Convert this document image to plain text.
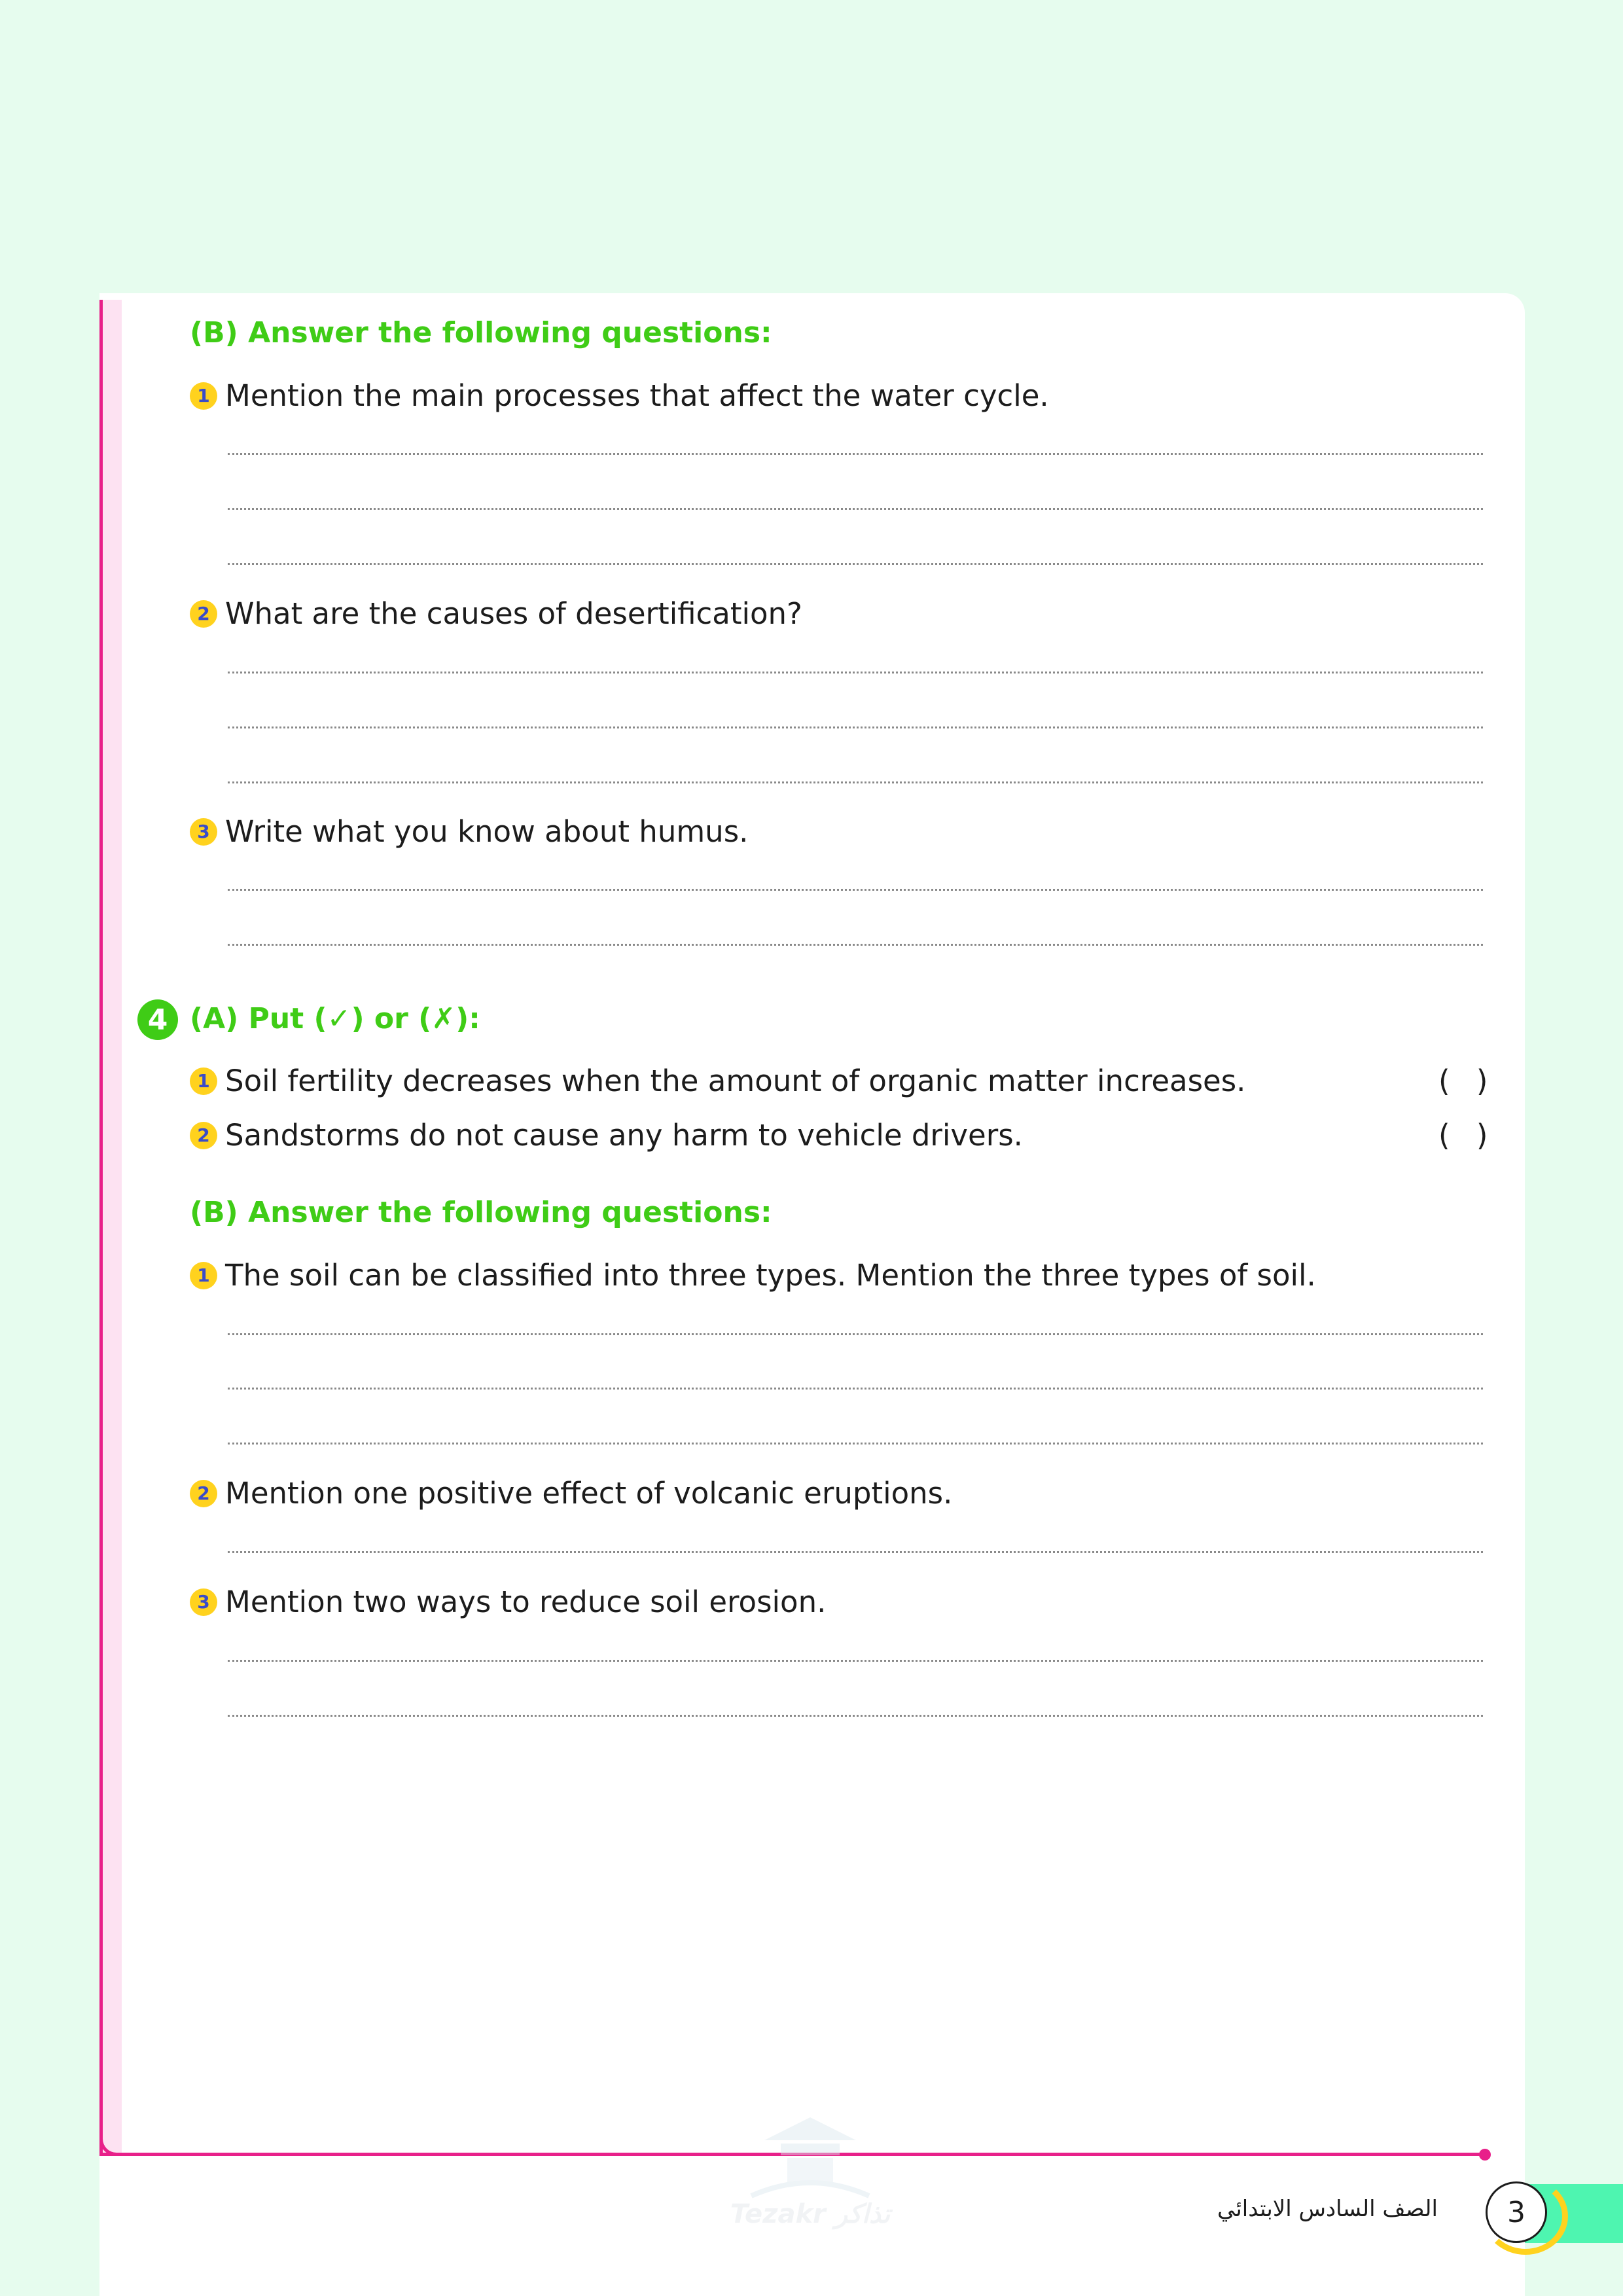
(B) Answer the following questions:
1 Mention the main processes that affect the water cycle.
2 What are the causes of desertification?
3 Write what you know about humus.
4 (A) Put (✓) or (✗):
1 Soil fertility decreases when the amount of organic matter increases.	( )
2 Sandstorms do not cause any harm to vehicle drivers.	( )
(B) Answer the following questions:
1 The soil can be classified into three types. Mention the three types of soil.
2 Mention one positive effect of volcanic eruptions.
3 Mention two ways to reduce soil erosion.
Tezakr تذاكر	الصف السادس الابتدائي	3
